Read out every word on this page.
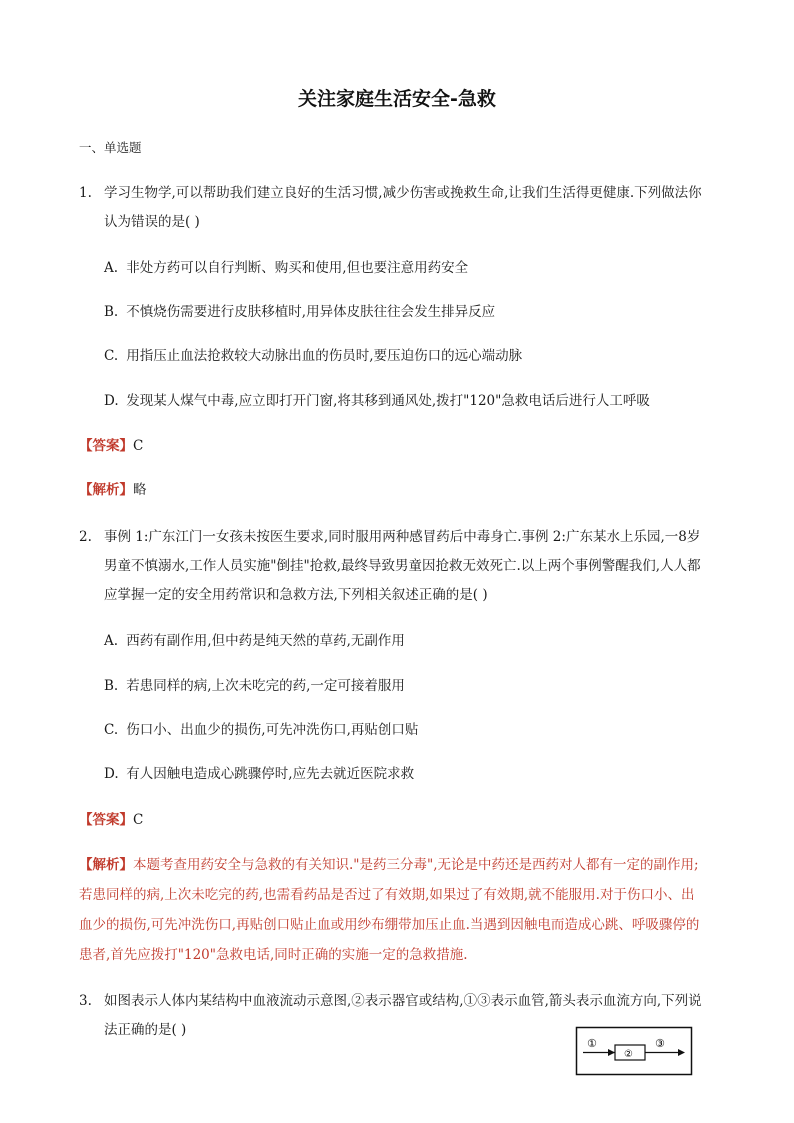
关注家庭生活安全-急救
一、单选题
1. 学习生物学,可以帮助我们建立良好的生活习惯,减少伤害或挽救生命,让我们生活得更健康.下列做法你
认为错误的是( )
A. 非处方药可以自行判断、购买和使用,但也要注意用药安全
B. 不慎烧伤需要进行皮肤移植时,用异体皮肤往往会发生排异反应
C. 用指压止血法抢救较大动脉出血的伤员时,要压迫伤口的远心端动脉
D. 发现某人煤气中毒,应立即打开门窗,将其移到通风处,拨打"120"急救电话后进行人工呼吸
【答案】C
【解析】略
2. 事例 1:广东江门一女孩未按医生要求,同时服用两种感冒药后中毒身亡.事例 2:广东某水上乐园,一8岁
男童不慎溺水,工作人员实施"倒挂"抢救,最终导致男童因抢救无效死亡.以上两个事例警醒我们,人人都
应掌握一定的安全用药常识和急救方法,下列相关叙述正确的是( )
A. 西药有副作用,但中药是纯天然的草药,无副作用
B. 若患同样的病,上次未吃完的药,一定可接着服用
C. 伤口小、出血少的损伤,可先冲洗伤口,再贴创口贴
D. 有人因触电造成心跳骤停时,应先去就近医院求救
【答案】C
【解析】本题考查用药安全与急救的有关知识."是药三分毒",无论是中药还是西药对人都有一定的副作用;
若患同样的病,上次未吃完的药,也需看药品是否过了有效期,如果过了有效期,就不能服用.对于伤口小、出
血少的损伤,可先冲洗伤口,再贴创口贴止血或用纱布绷带加压止血.当遇到因触电而造成心跳、呼吸骤停的
患者,首先应拨打"120"急救电话,同时正确的实施一定的急救措施.
3. 如图表示人体内某结构中血液流动示意图,②表示器官或结构,①③表示血管,箭头表示血流方向,下列说
法正确的是( )
①
②
③
